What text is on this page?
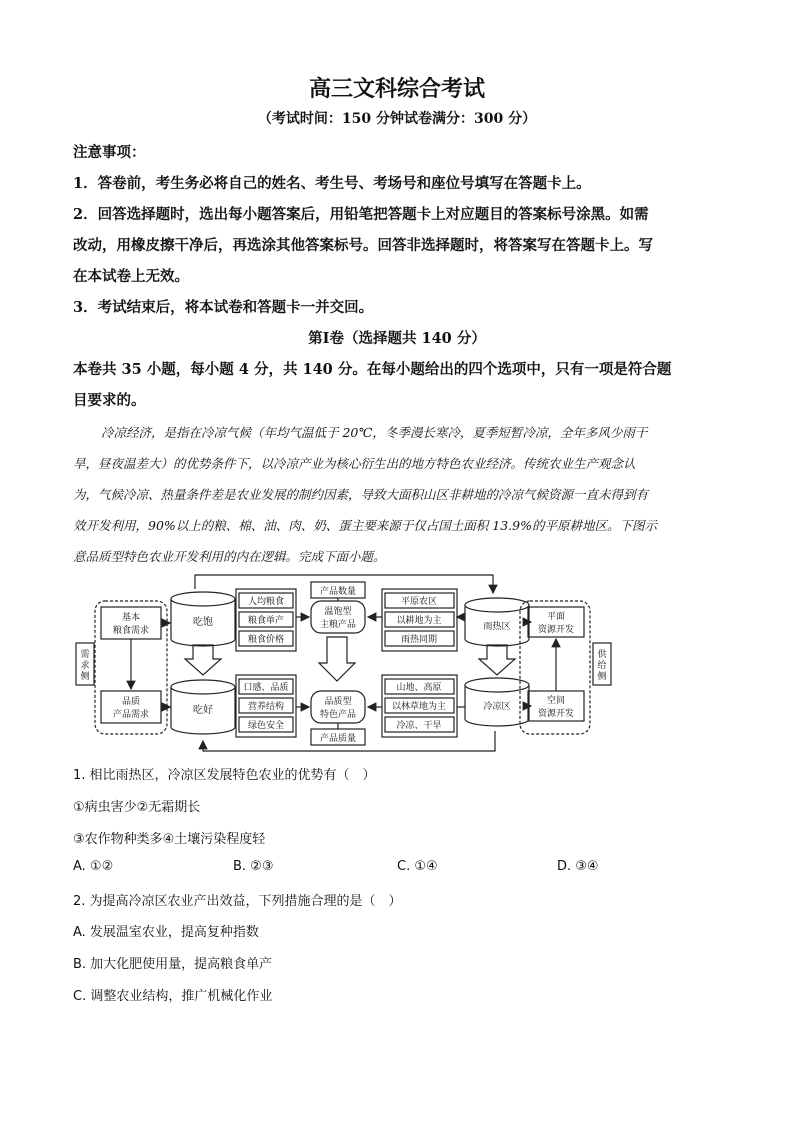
高三文科综合考试
（考试时间：150 分钟试卷满分：300 分）
注意事项：
1．答卷前，考生务必将自己的姓名、考生号、考场号和座位号填写在答题卡上。
2．回答选择题时，选出每小题答案后，用铅笔把答题卡上对应题目的答案标号涂黑。如需
改动，用橡皮擦干净后，再选涂其他答案标号。回答非选择题时，将答案写在答题卡上。写
在本试卷上无效。
3．考试结束后，将本试卷和答题卡一并交回。
第Ⅰ卷（选择题共 140 分）
本卷共 35 小题，每小题 4 分，共 140 分。在每小题给出的四个选项中，只有一项是符合题
目要求的。
冷凉经济，是指在冷凉气候（年均气温低于 20℃，冬季漫长寒冷，夏季短暂冷凉，全年多风少雨干
旱，昼夜温差大）的优势条件下，以冷凉产业为核心衍生出的地方特色农业经济。传统农业生产观念认
为，气候冷凉、热量条件差是农业发展的制约因素，导致大面积山区非耕地的冷凉气候资源一直未得到有
效开发利用，90%以上的粮、棉、油、肉、奶、蛋主要来源于仅占国土面积 13.9%的平原耕地区。下图示
意品质型特色农业开发利用的内在逻辑。完成下面小题。
需求侧
供给侧
基本
粮食需求
品质
产品需求
吃饱
吃好
人均粮食
粮食单产
粮食价格
口感、品质
营养结构
绿色安全
产品数量
温饱型
主粮产品
品质型
特色产品
产品质量
平原农区
以耕地为主
雨热同期
山地、高原
以林草地为主
冷凉、干旱
雨热区
冷凉区
平面
资源开发
空间
资源开发
1. 相比雨热区，冷凉区发展特色农业的优势有（　）
①病虫害少②无霜期长
③农作物种类多④土壤污染程度轻
A. ①②	B. ②③	C. ①④	D. ③④
2. 为提高冷凉区农业产出效益，下列措施合理的是（　）
A. 发展温室农业，提高复种指数
B. 加大化肥使用量，提高粮食单产
C. 调整农业结构，推广机械化作业
